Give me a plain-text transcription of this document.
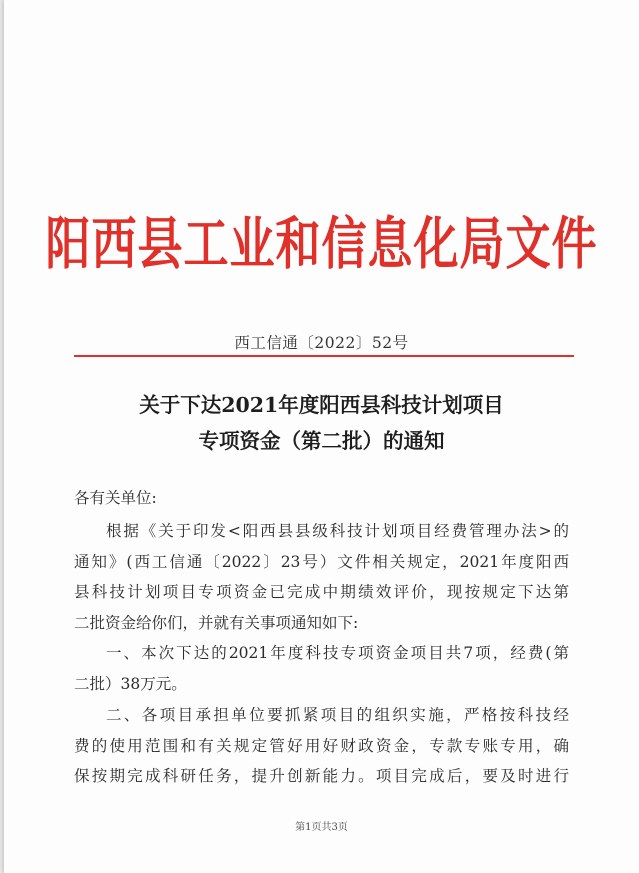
阳西县工业和信息化局文件
西工信通〔2022〕52号
关于下达2021年度阳西县科技计划项目
专项资金（第二批）的通知
各有关单位:
根据《关于印发<阳西县县级科技计划项目经费管理办法>的
通知》(西工信通〔2022〕23号）文件相关规定，2021年度阳西
县科技计划项目专项资金已完成中期绩效评价，现按规定下达第
二批资金给你们，并就有关事项通知如下:
一、本次下达的2021年度科技专项资金项目共7项，经费(第
二批）38万元。
二、各项目承担单位要抓紧项目的组织实施，严格按科技经
费的使用范围和有关规定管好用好财政资金，专款专账专用，确
保按期完成科研任务，提升创新能力。项目完成后，要及时进行
第1页共3页
